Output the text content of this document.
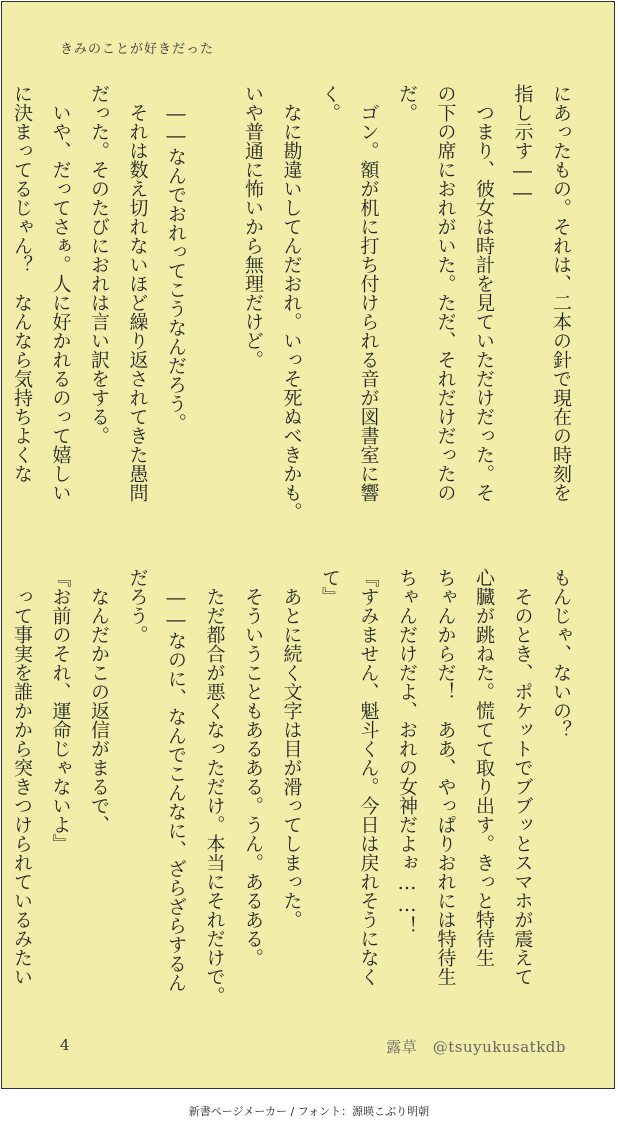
きみのことが好きだった

にあったもの。それは、二本の針で現在の時刻を
指し示す――
　つまり、彼女は時計を見ていただけだった。そ
の下の席におれがいた。ただ、それだけだったの
だ。
　ゴン。額が机に打ち付けられる音が図書室に響
く。
　なに勘違いしてんだおれ。いっそ死ぬべきかも。
いや普通に怖いから無理だけど。

　――なんでおれってこうなんだろう。
　それは数え切れないほど繰り返されてきた愚問
だった。そのたびにおれは言い訳をする。
　いや、だってさぁ。人に好かれるのって嬉しい
に決まってるじゃん？　なんなら気持ちよくな

もんじゃ、ないの？
　そのとき、ポケットでブブッとスマホが震えて
心臓が跳ねた。慌てて取り出す。きっと特待生
ちゃんからだ！　ああ、やっぱりおれには特待生
ちゃんだけだよ、おれの女神だよぉ……！
『すみません、魁斗くん。今日は戻れそうになく
て』
　あとに続く文字は目が滑ってしまった。
　そういうこともあるある。うん。あるある。
　ただ都合が悪くなっただけ。本当にそれだけで。
　――なのに、なんでこんなに、ざらざらするん
だろう。
　なんだかこの返信がまるで、
『お前のそれ、運命じゃないよ』
　って事実を誰かから突きつけられているみたい

4	露草　@tsuyukusatkdb
新書ページメーカー / フォント：源暎こぶり明朝
